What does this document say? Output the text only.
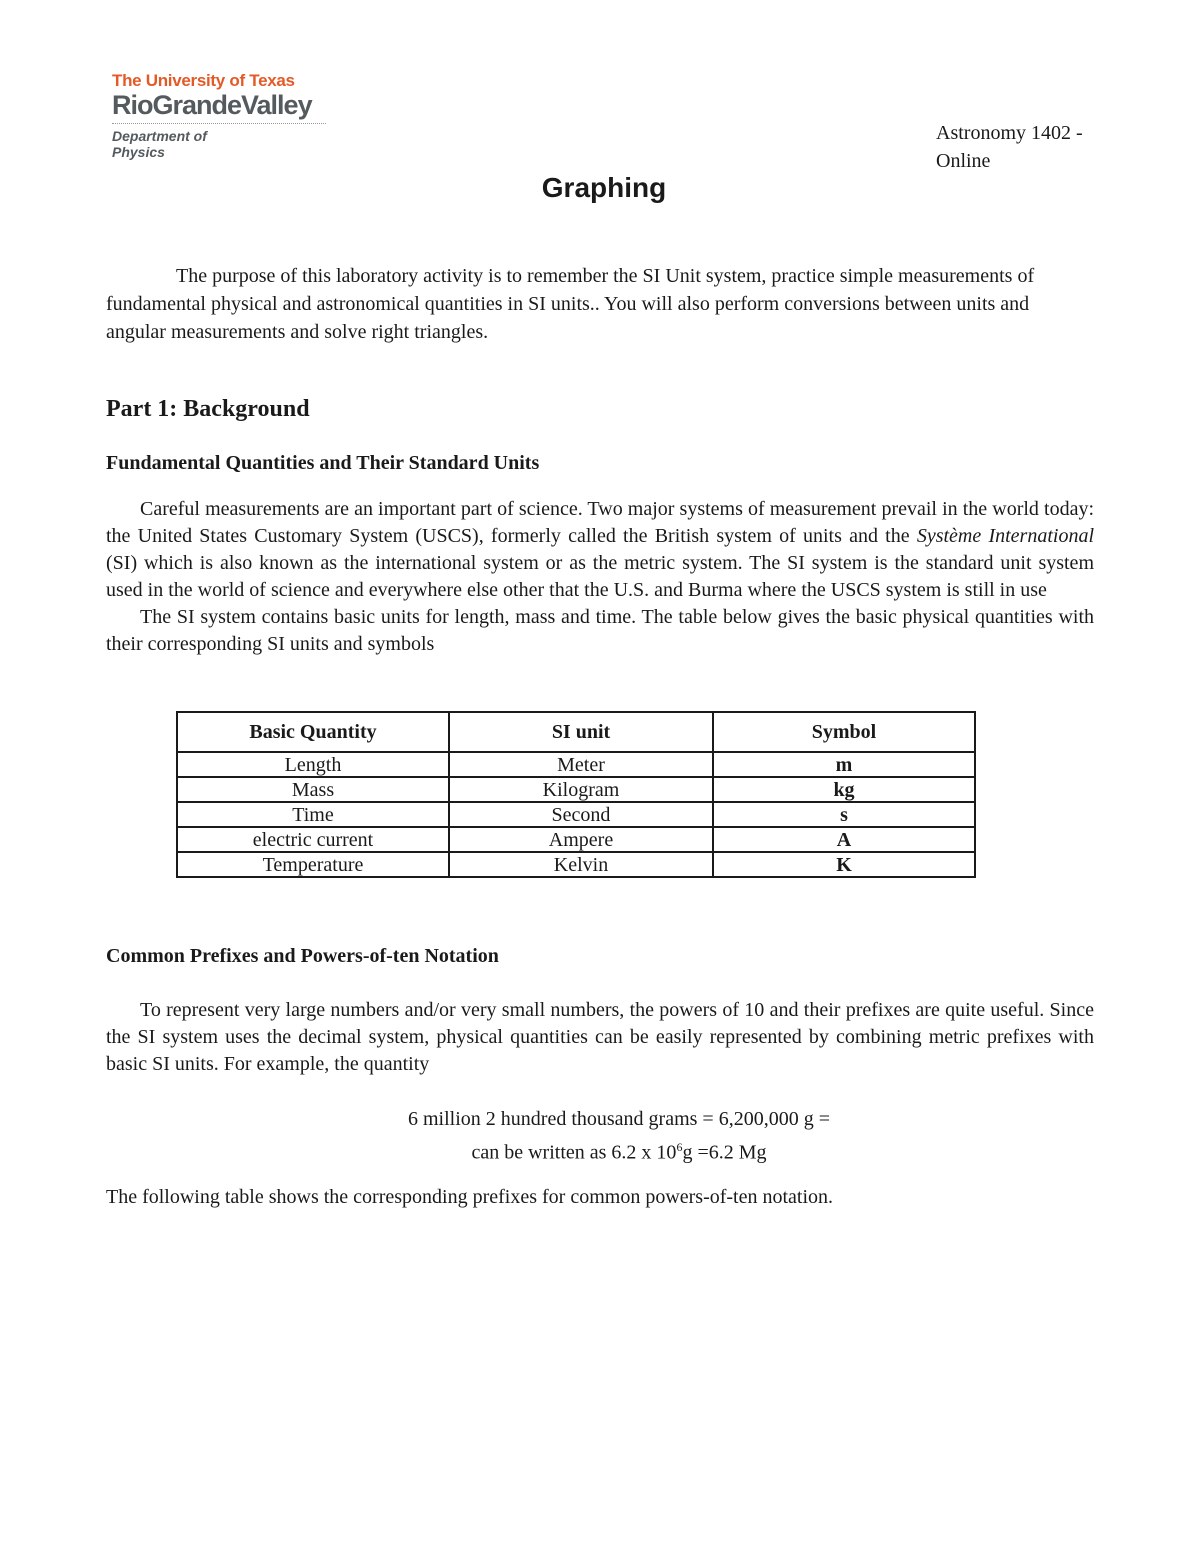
The University of Texas
RioGrandeValley
Department of
Physics
Astronomy 1402 -
Online
Graphing
The purpose of this laboratory activity is to remember the SI Unit system, practice simple measurements of fundamental physical and astronomical quantities in SI units.. You will also perform conversions between units and angular measurements and solve right triangles.
Part 1: Background
Fundamental Quantities and Their Standard Units

Careful measurements are an important part of science. Two major systems of measurement prevail in the world today: the United States Customary System (USCS), formerly called the British system of units and the Système International (SI) which is also known as the international system or as the metric system. The SI system is the standard unit system used in the world of science and everywhere else other that the U.S. and Burma where the USCS system is still in use

The SI system contains basic units for length, mass and time. The table below gives the basic physical quantities with their corresponding SI units and symbols

Basic Quantity	SI unit	Symbol
Length	Meter	m
Mass	Kilogram	kg
Time	Second	s
electric current	Ampere	A
Temperature	Kelvin	K
Common Prefixes and Powers-of-ten Notation

To represent very large numbers and/or very small numbers, the powers of 10 and their prefixes are quite useful. Since the SI system uses the decimal system, physical quantities can be easily represented by combining metric prefixes with basic SI units. For example, the quantity

6 million 2 hundred thousand grams = 6,200,000 g =
can be written as 6.2 x $10^6g =6.2$ Mg
The following table shows the corresponding prefixes for common powers-of-ten notation.
